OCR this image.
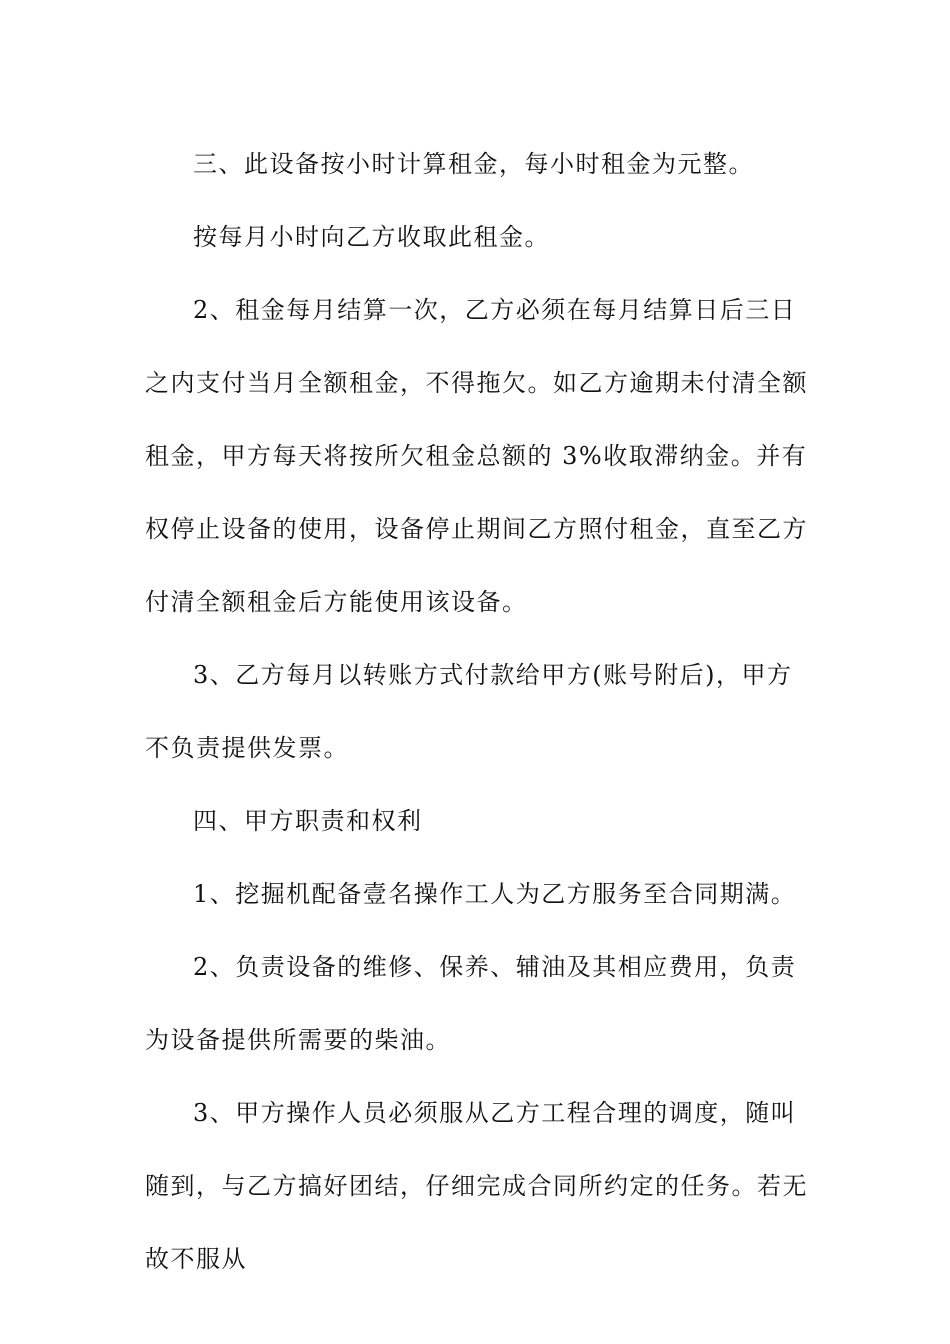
三、此设备按小时计算租金，每小时租金为元整。

按每月小时向乙方收取此租金。

2、租金每月结算一次，乙方必须在每月结算日后三日之内支付当月全额租金，不得拖欠。如乙方逾期未付清全额租金，甲方每天将按所欠租金总额的 3%收取滞纳金。并有权停止设备的使用，设备停止期间乙方照付租金，直至乙方付清全额租金后方能使用该设备。

3、乙方每月以转账方式付款给甲方(账号附后)，甲方不负责提供发票。

四、甲方职责和权利

1、挖掘机配备壹名操作工人为乙方服务至合同期满。

2、负责设备的维修、保养、辅油及其相应费用，负责为设备提供所需要的柴油。

3、甲方操作人员必须服从乙方工程合理的调度，随叫随到，与乙方搞好团结，仔细完成合同所约定的任务。若无故不服从
